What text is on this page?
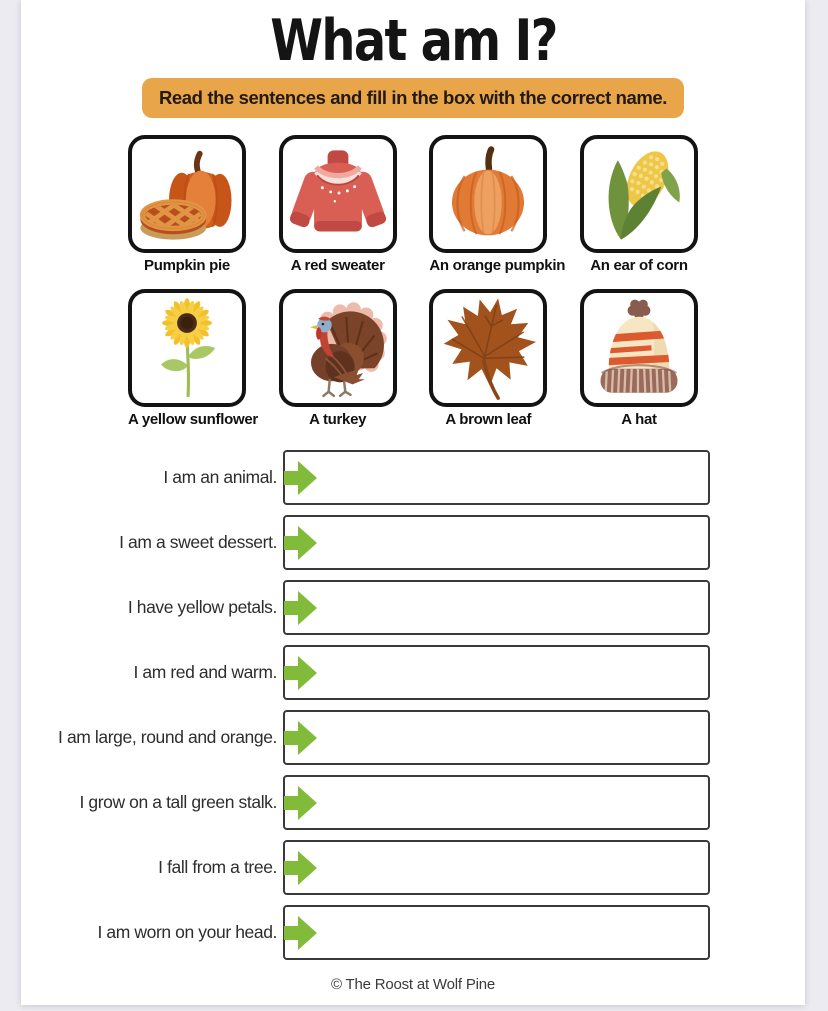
What am I?
Read the sentences and fill in the box with the correct name.
Pumpkin pie	A red sweater	An orange pumpkin	An ear of corn
A yellow sunflower	A turkey	A brown leaf	A hat
I am an animal.
I am a sweet dessert.
I have yellow petals.
I am red and warm.
I am large, round and orange.
I grow on a tall green stalk.
I fall from a tree.
I am worn on your head.
© The Roost at Wolf Pine
